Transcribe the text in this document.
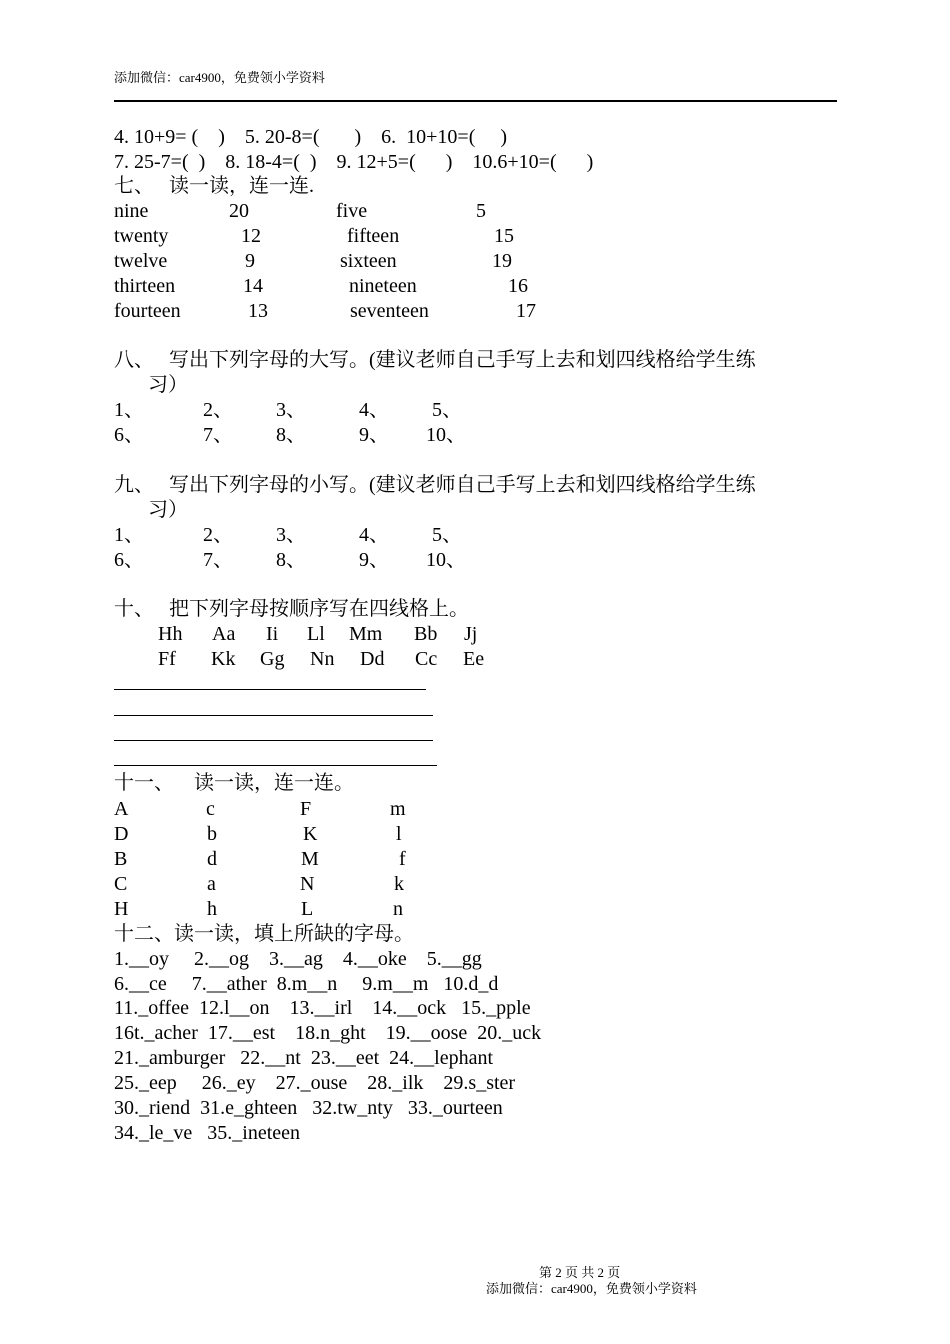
添加微信：car4900，免费领小学资料
4. 10+9= (    )    5. 20-8=(       )    6.  10+10=(     )
7. 25-7=(  )    8. 18-4=(  )    9. 12+5=(      )    10.6+10=(      )
七、   读一读，连一连.
nine	20	five	5
twenty	12	fifteen	15
twelve	9	sixteen	19
thirteen	14	nineteen	16
fourteen	13	seventeen	17
八、   写出下列字母的大写。(建议老师自己手写上去和划四线格给学生练
习）
1、	2、 3、	4、 5、
6、	7、 8、	9、 10、
九、   写出下列字母的小写。(建议老师自己手写上去和划四线格给学生练
习）
1、	2、 3、	4、 5、
6、	7、 8、	9、 10、
十、   把下列字母按顺序写在四线格上。
Hh Aa Ii Ll Mm Bb Jj
Ff Kk Gg Nn Dd Cc Ee
十一、    读一读，连一连。
A	c	F	m
D	b	K	l
B	d	M	f
C	a	N	k
H	h	L	n
十二、读一读，填上所缺的字母。
1.__oy     2.__og    3.__ag    4.__oke    5.__gg
6.__ce     7.__ather  8.m__n     9.m__m   10.d_d
11._offee  12.l__on    13.__irl    14.__ock   15._pple
16t._acher  17.__est    18.n_ght    19.__oose  20._uck
21._amburger   22.__nt  23.__eet  24.__lephant
25._eep     26._ey    27._ouse    28._ilk    29.s_ster
30._riend  31.e_ghteen   32.tw_nty   33._ourteen
34._le_ve   35._ineteen
第 2 页 共 2 页
添加微信：car4900，免费领小学资料
